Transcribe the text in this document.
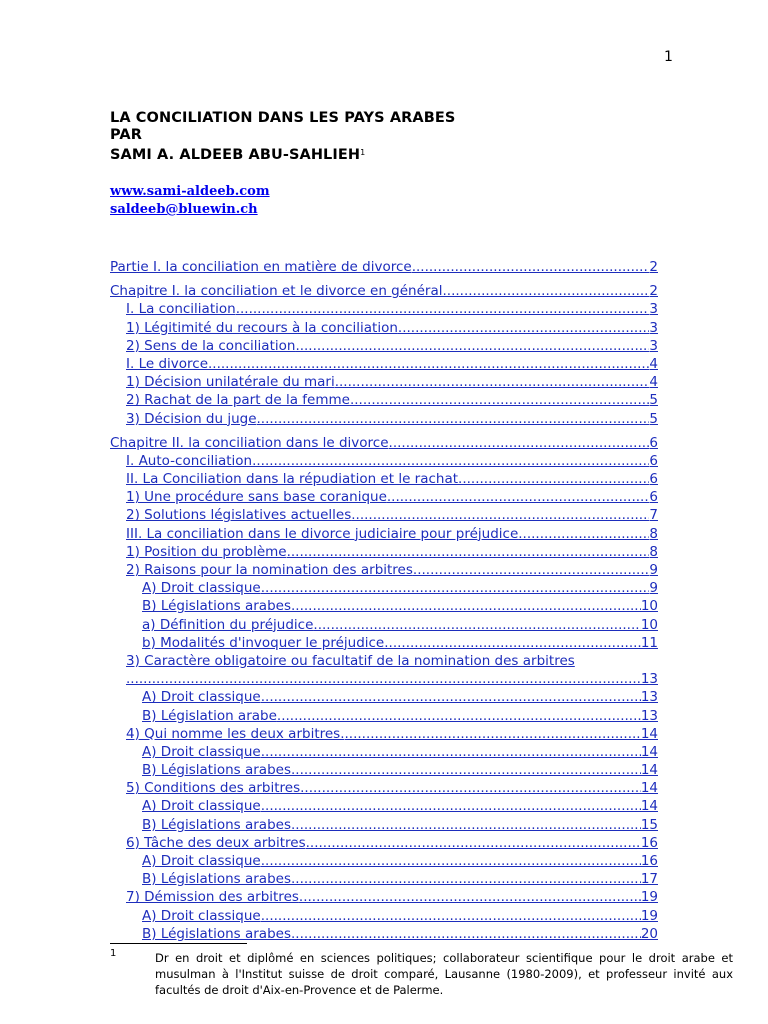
1
LA CONCILIATION DANS LES PAYS ARABES
PAR
SAMI A. ALDEEB ABU-SAHLIEH$^1$
www.sami-aldeeb.com
saldeeb@bluewin.ch
Partie I. la conciliation en matière de divorce .....	2
Chapitre I. la conciliation et le divorce en général .....	2
I. La conciliation .....	3
1) Légitimité du recours à la conciliation .....	3
2) Sens de la conciliation .....	3
I. Le divorce .....	4
1) Décision unilatérale du mari .....	4
2) Rachat de la part de la femme .....	5
3) Décision du juge .....	5
Chapitre II. la conciliation dans le divorce .....	6
I. Auto-conciliation .....	6
II. La Conciliation dans la répudiation et le rachat .....	6
1) Une procédure sans base coranique .....	6
2) Solutions législatives actuelles .....	7
III. La conciliation dans le divorce judiciaire pour préjudice .....	8
1) Position du problème .....	8
2) Raisons pour la nomination des arbitres .....	9
A) Droit classique .....	9
B) Législations arabes .....	10
a) Définition du préjudice .....	10
b) Modalités d'invoquer le préjudice .....	11
3) Caractère obligatoire ou facultatif de la nomination des arbitres
.....
13
A) Droit classique .....	13
B) Législation arabe .....	13
4) Qui nomme les deux arbitres. .....	14
A) Droit classique .....	14
B) Législations arabes .....	14
5) Conditions des arbitres .....	14
A) Droit classique .....	14
B) Législations arabes .....	15
6) Tâche des deux arbitres .....	16
A) Droit classique .....	16
B) Législations arabes .....	17
7) Démission des arbitres .....	19
A) Droit classique .....	19
B) Législations arabes .....	20
1	Dr en droit et diplômé en sciences politiques; collaborateur scientifique pour le droit arabe et musulman à l'Institut suisse de droit comparé, Lausanne (1980-2009), et professeur invité aux facultés de droit d'Aix-en-Provence et de Palerme.
